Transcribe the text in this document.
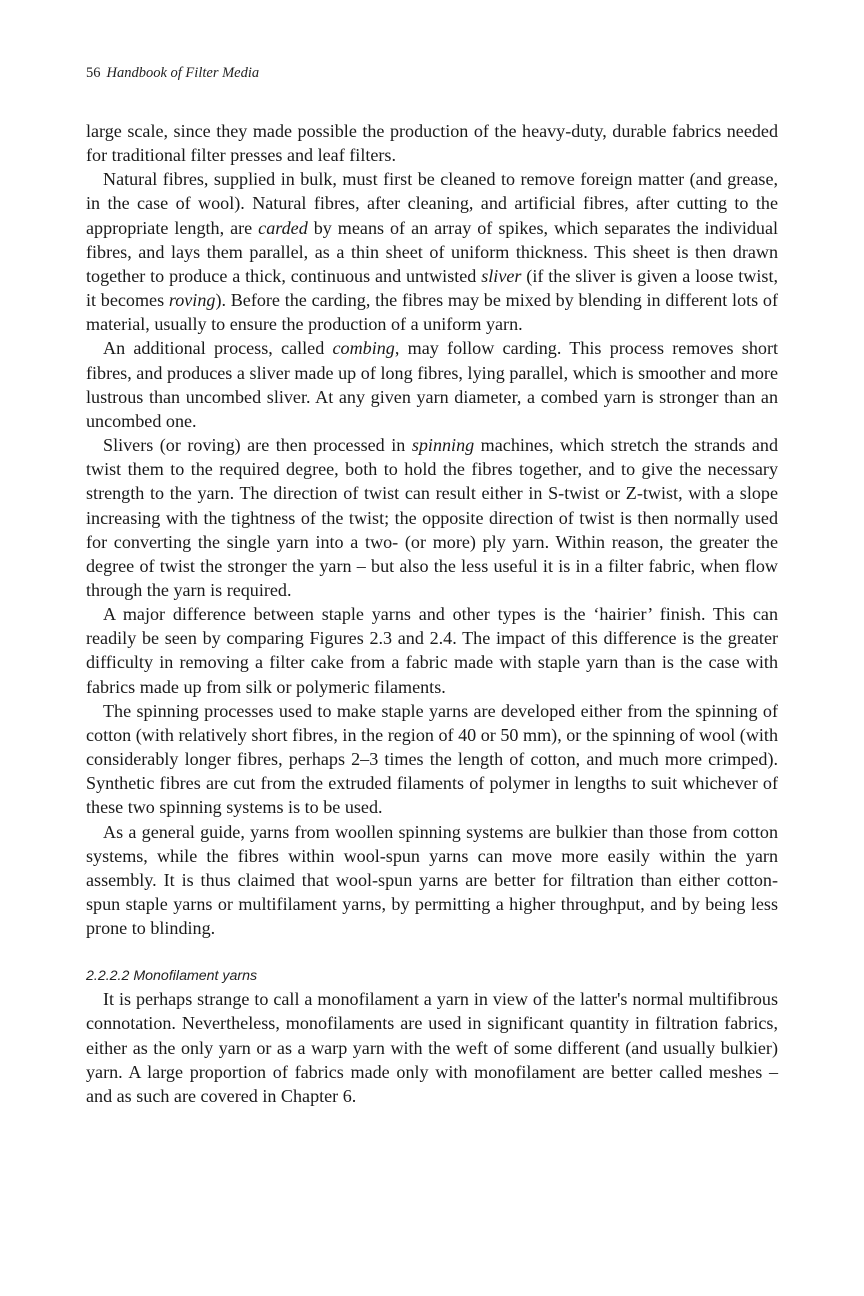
56 Handbook of Filter Media

large scale, since they made possible the production of the heavy-duty, durable fabrics needed for traditional filter presses and leaf filters.

Natural fibres, supplied in bulk, must first be cleaned to remove foreign matter (and grease, in the case of wool). Natural fibres, after cleaning, and artificial fibres, after cutting to the appropriate length, are carded by means of an array of spikes, which separates the individual fibres, and lays them parallel, as a thin sheet of uniform thickness. This sheet is then drawn together to produce a thick, continuous and untwisted sliver (if the sliver is given a loose twist, it becomes roving). Before the carding, the fibres may be mixed by blending in different lots of material, usually to ensure the production of a uniform yarn.

An additional process, called combing, may follow carding. This process removes short fibres, and produces a sliver made up of long fibres, lying parallel, which is smoother and more lustrous than uncombed sliver. At any given yarn diameter, a combed yarn is stronger than an uncombed one.

Slivers (or roving) are then processed in spinning machines, which stretch the strands and twist them to the required degree, both to hold the fibres together, and to give the necessary strength to the yarn. The direction of twist can result either in S-twist or Z-twist, with a slope increasing with the tightness of the twist; the opposite direction of twist is then normally used for converting the single yarn into a two- (or more) ply yarn. Within reason, the greater the degree of twist the stronger the yarn – but also the less useful it is in a filter fabric, when flow through the yarn is required.

A major difference between staple yarns and other types is the ‘hairier’ finish. This can readily be seen by comparing Figures 2.3 and 2.4. The impact of this difference is the greater difficulty in removing a filter cake from a fabric made with staple yarn than is the case with fabrics made up from silk or polymeric filaments.

The spinning processes used to make staple yarns are developed either from the spinning of cotton (with relatively short fibres, in the region of 40 or 50 mm), or the spinning of wool (with considerably longer fibres, perhaps 2–3 times the length of cotton, and much more crimped). Synthetic fibres are cut from the extruded filaments of polymer in lengths to suit whichever of these two spinning systems is to be used.

As a general guide, yarns from woollen spinning systems are bulkier than those from cotton systems, while the fibres within wool-spun yarns can move more easily within the yarn assembly. It is thus claimed that wool-spun yarns are better for filtration than either cotton-spun staple yarns or multifilament yarns, by permitting a higher throughput, and by being less prone to blinding.

2.2.2.2 Monofilament yarns

It is perhaps strange to call a monofilament a yarn in view of the latter's normal multifibrous connotation. Nevertheless, monofilaments are used in significant quantity in filtration fabrics, either as the only yarn or as a warp yarn with the weft of some different (and usually bulkier) yarn. A large proportion of fabrics made only with monofilament are better called meshes – and as such are covered in Chapter 6.
